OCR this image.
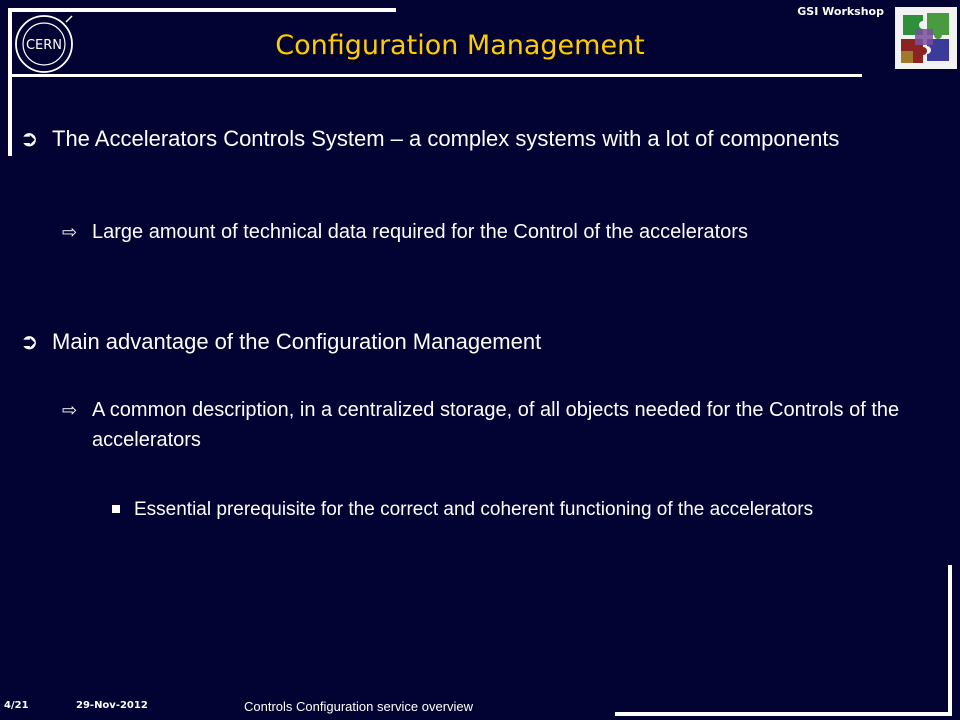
CERN
GSI Workshop
Configuration Management
➲ The Accelerators Controls System – a complex systems with a lot of components
⇨ Large amount of technical data required for the Control of the accelerators
➲ Main advantage of the Configuration Management
⇨ A common description, in a centralized storage, of all objects needed for the Controls of the accelerators
Essential prerequisite for the correct and coherent functioning of the accelerators
4/21	29-Nov-2012	Controls Configuration service overview
